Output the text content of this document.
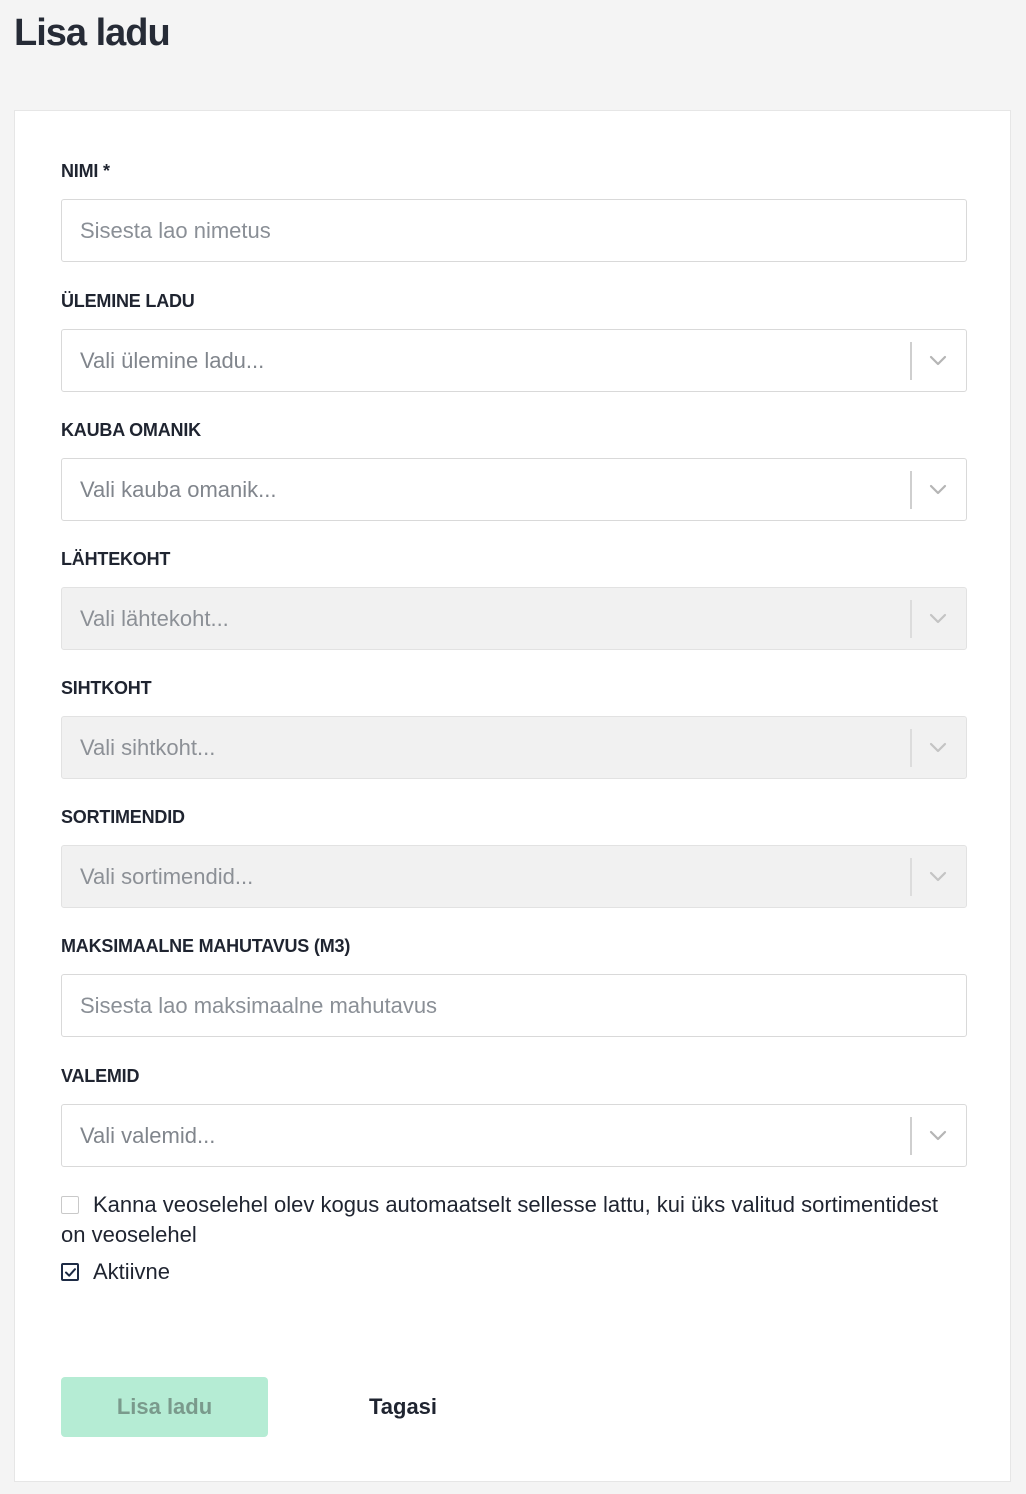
Lisa ladu
NIMI *
Sisesta lao nimetus
ÜLEMINE LADU
Vali ülemine ladu...
KAUBA OMANIK
Vali kauba omanik...
LÄHTEKOHT
Vali lähtekoht...
SIHTKOHT
Vali sihtkoht...
SORTIMENDID
Vali sortimendid...
MAKSIMAALNE MAHUTAVUS (M3)
Sisesta lao maksimaalne mahutavus
VALEMID
Vali valemid...
Kanna veoselehel olev kogus automaatselt sellesse lattu, kui üks valitud sortimentidest on veoselehel
Aktiivne
Lisa ladu	Tagasi
